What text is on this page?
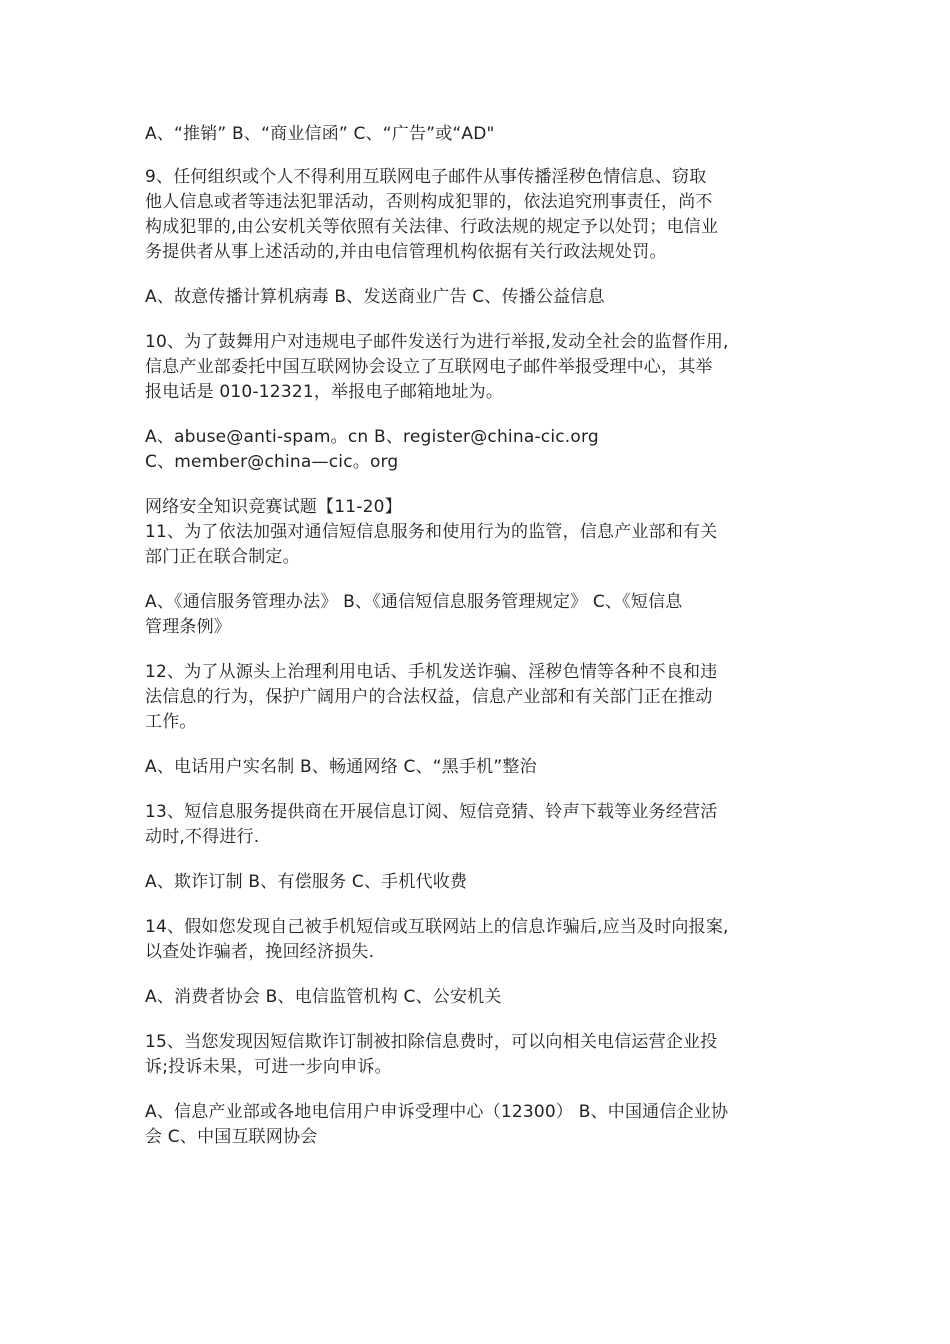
A、“推销” B、“商业信函” C、“广告”或“AD"
9、任何组织或个人不得利用互联网电子邮件从事传播淫秽色情信息、窃取
他人信息或者等违法犯罪活动，否则构成犯罪的，依法追究刑事责任，尚不
构成犯罪的,由公安机关等依照有关法律、行政法规的规定予以处罚；电信业
务提供者从事上述活动的,并由电信管理机构依据有关行政法规处罚。
A、故意传播计算机病毒 B、发送商业广告 C、传播公益信息
10、为了鼓舞用户对违规电子邮件发送行为进行举报,发动全社会的监督作用,
信息产业部委托中国互联网协会设立了互联网电子邮件举报受理中心，其举
报电话是 010-12321，举报电子邮箱地址为。
A、abuse@anti-spam。cn B、register@china-cic.org
C、member@china—cic。org
网络安全知识竞赛试题【11-20】
11、为了依法加强对通信短信息服务和使用行为的监管，信息产业部和有关
部门正在联合制定。
A、《通信服务管理办法》 B、《通信短信息服务管理规定》 C、《短信息
管理条例》
12、为了从源头上治理利用电话、手机发送诈骗、淫秽色情等各种不良和违
法信息的行为，保护广阔用户的合法权益，信息产业部和有关部门正在推动
工作。
A、电话用户实名制 B、畅通网络 C、“黑手机”整治
13、短信息服务提供商在开展信息订阅、短信竞猜、铃声下载等业务经营活
动时,不得进行.
A、欺诈订制 B、有偿服务 C、手机代收费
14、假如您发现自己被手机短信或互联网站上的信息诈骗后,应当及时向报案,
以查处诈骗者，挽回经济损失.
A、消费者协会 B、电信监管机构 C、公安机关
15、当您发现因短信欺诈订制被扣除信息费时，可以向相关电信运营企业投
诉;投诉未果，可进一步向申诉。
A、信息产业部或各地电信用户申诉受理中心（12300） B、中国通信企业协
会 C、中国互联网协会
